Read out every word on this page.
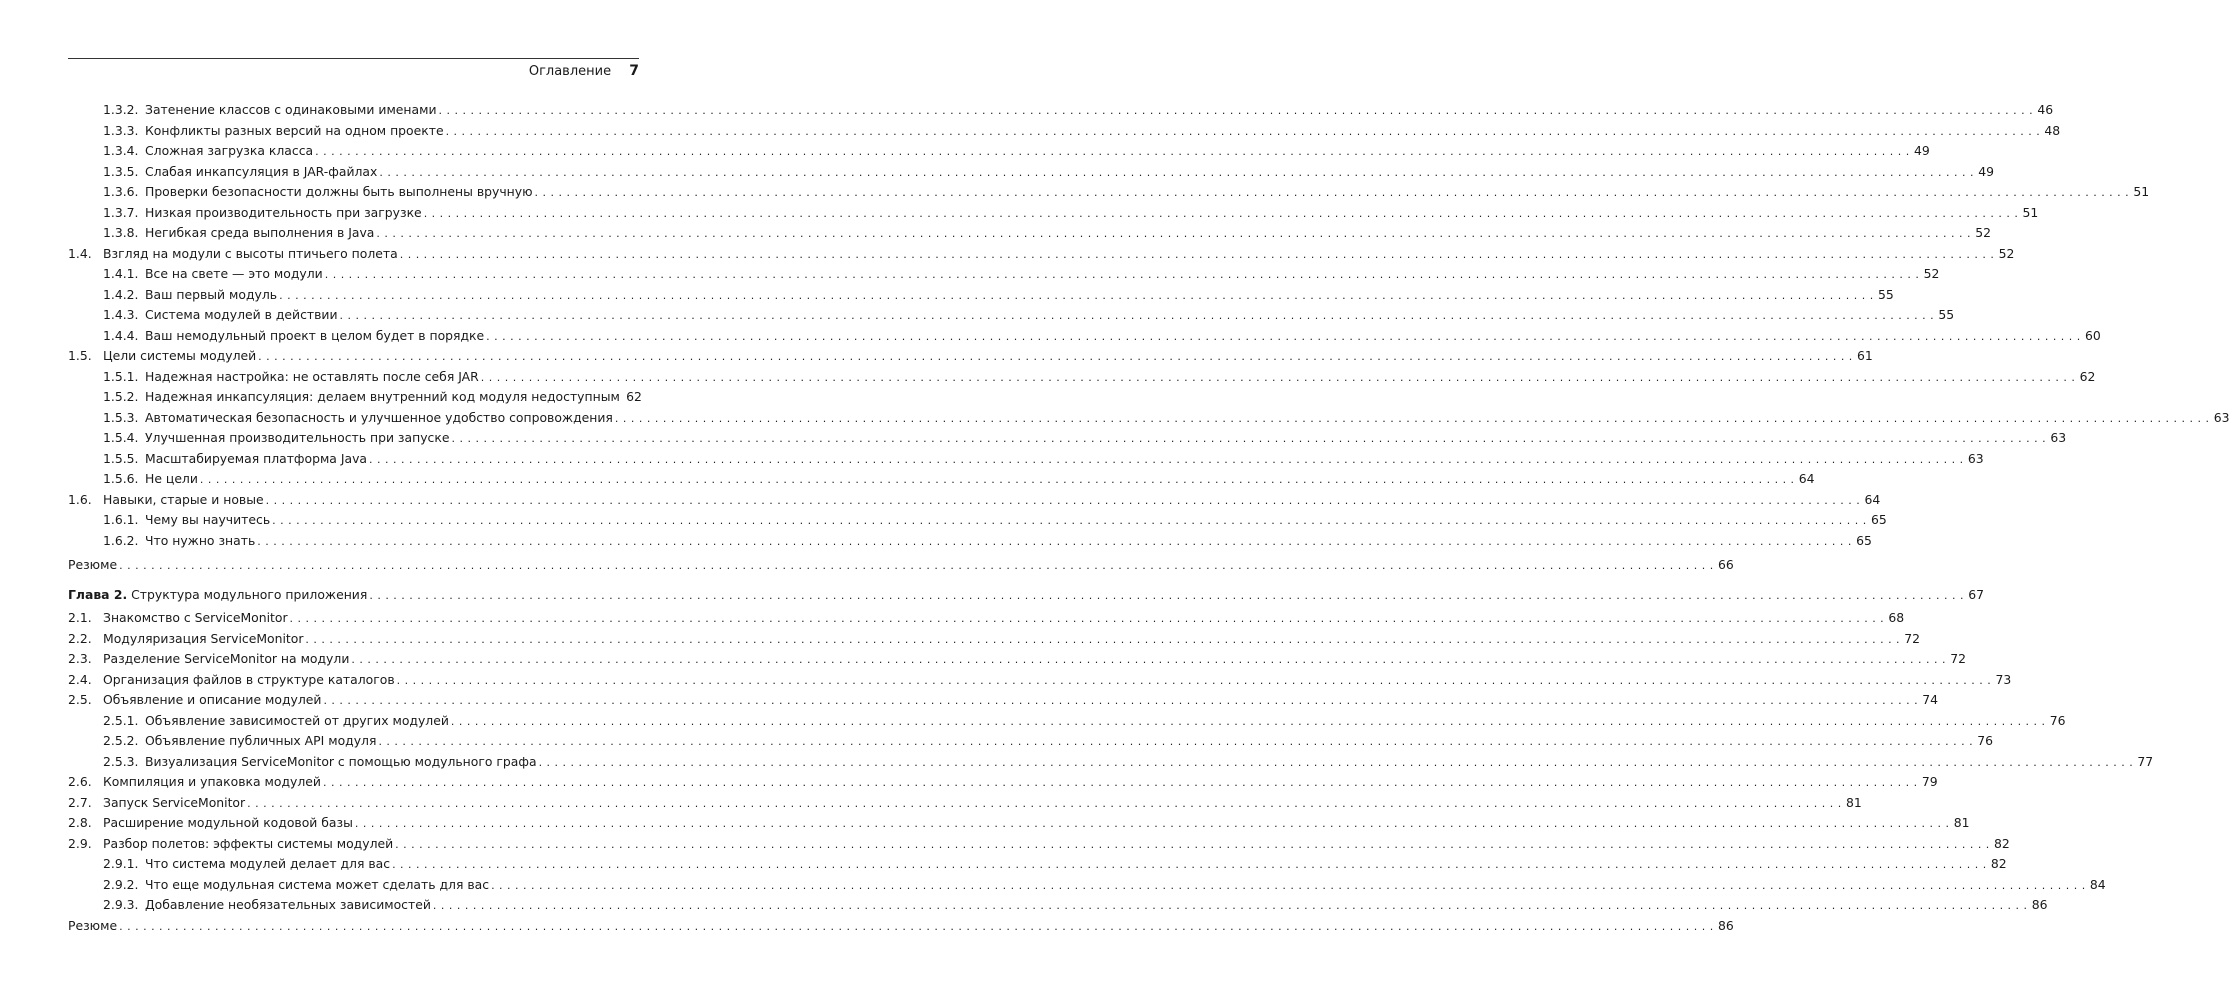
Оглавление 7
1.3.2. Затенение классов с одинаковыми именами . . . . . . . . . . . . . . . . . . . . . . . . . . . . . . . . . . . . . . . . . . . . . . . . . . . . . . . . . . . . . . . . . . . . . . . . . . . . . . . . . . . . . . . . . . . . . . . . . . . . . . . . . . . . . . . . . . . . . . . . . . . . . . . . . . . . . . . . . . . . . . . . . . . . . . . . . . . . . . . . . . . . . . . . . . . . . . . . . . . . . . . . . . . . . . . . . . . . . . . . 46
1.3.3. Конфликты разных версий на одном проекте . . . . . . . . . . . . . . . . . . . . . . . . . . . . . . . . . . . . . . . . . . . . . . . . . . . . . . . . . . . . . . . . . . . . . . . . . . . . . . . . . . . . . . . . . . . . . . . . . . . . . . . . . . . . . . . . . . . . . . . . . . . . . . . . . . . . . . . . . . . . . . . . . . . . . . . . . . . . . . . . . . . . . . . . . . . . . . . . . . . . . . . . . . . . . . . . . . . . . . . . 48
1.3.4. Сложная загрузка класса . . . . . . . . . . . . . . . . . . . . . . . . . . . . . . . . . . . . . . . . . . . . . . . . . . . . . . . . . . . . . . . . . . . . . . . . . . . . . . . . . . . . . . . . . . . . . . . . . . . . . . . . . . . . . . . . . . . . . . . . . . . . . . . . . . . . . . . . . . . . . . . . . . . . . . . . . . . . . . . . . . . . . . . . . . . . . . . . . . . . . . . . . . . . . . . . . . . . . . . . 49
1.3.5. Слабая инкапсуляция в JAR-файлах . . . . . . . . . . . . . . . . . . . . . . . . . . . . . . . . . . . . . . . . . . . . . . . . . . . . . . . . . . . . . . . . . . . . . . . . . . . . . . . . . . . . . . . . . . . . . . . . . . . . . . . . . . . . . . . . . . . . . . . . . . . . . . . . . . . . . . . . . . . . . . . . . . . . . . . . . . . . . . . . . . . . . . . . . . . . . . . . . . . . . . . . . . . . . . . . . . . . . . . . 49
1.3.6. Проверки безопасности должны быть выполнены вручную . . . . . . . . . . . . . . . . . . . . . . . . . . . . . . . . . . . . . . . . . . . . . . . . . . . . . . . . . . . . . . . . . . . . . . . . . . . . . . . . . . . . . . . . . . . . . . . . . . . . . . . . . . . . . . . . . . . . . . . . . . . . . . . . . . . . . . . . . . . . . . . . . . . . . . . . . . . . . . . . . . . . . . . . . . . . . . . . . . . . . . . . . . . . . . . . . . . . . . . . 51
1.3.7. Низкая производительность при загрузке . . . . . . . . . . . . . . . . . . . . . . . . . . . . . . . . . . . . . . . . . . . . . . . . . . . . . . . . . . . . . . . . . . . . . . . . . . . . . . . . . . . . . . . . . . . . . . . . . . . . . . . . . . . . . . . . . . . . . . . . . . . . . . . . . . . . . . . . . . . . . . . . . . . . . . . . . . . . . . . . . . . . . . . . . . . . . . . . . . . . . . . . . . . . . . . . . . . . . . . . 51
1.3.8. Негибкая среда выполнения в Java . . . . . . . . . . . . . . . . . . . . . . . . . . . . . . . . . . . . . . . . . . . . . . . . . . . . . . . . . . . . . . . . . . . . . . . . . . . . . . . . . . . . . . . . . . . . . . . . . . . . . . . . . . . . . . . . . . . . . . . . . . . . . . . . . . . . . . . . . . . . . . . . . . . . . . . . . . . . . . . . . . . . . . . . . . . . . . . . . . . . . . . . . . . . . . . . . . . . . . . . 52
1.4. Взгляд на модули с высоты птичьего полета . . . . . . . . . . . . . . . . . . . . . . . . . . . . . . . . . . . . . . . . . . . . . . . . . . . . . . . . . . . . . . . . . . . . . . . . . . . . . . . . . . . . . . . . . . . . . . . . . . . . . . . . . . . . . . . . . . . . . . . . . . . . . . . . . . . . . . . . . . . . . . . . . . . . . . . . . . . . . . . . . . . . . . . . . . . . . . . . . . . . . . . . . . . . . . . . . . . . . . . . 52
1.4.1. Все на свете — это модули . . . . . . . . . . . . . . . . . . . . . . . . . . . . . . . . . . . . . . . . . . . . . . . . . . . . . . . . . . . . . . . . . . . . . . . . . . . . . . . . . . . . . . . . . . . . . . . . . . . . . . . . . . . . . . . . . . . . . . . . . . . . . . . . . . . . . . . . . . . . . . . . . . . . . . . . . . . . . . . . . . . . . . . . . . . . . . . . . . . . . . . . . . . . . . . . . . . . . . . . 52
1.4.2. Ваш первый модуль . . . . . . . . . . . . . . . . . . . . . . . . . . . . . . . . . . . . . . . . . . . . . . . . . . . . . . . . . . . . . . . . . . . . . . . . . . . . . . . . . . . . . . . . . . . . . . . . . . . . . . . . . . . . . . . . . . . . . . . . . . . . . . . . . . . . . . . . . . . . . . . . . . . . . . . . . . . . . . . . . . . . . . . . . . . . . . . . . . . . . . . . . . . . . . . . . . . . . . . . 55
1.4.3. Система модулей в действии . . . . . . . . . . . . . . . . . . . . . . . . . . . . . . . . . . . . . . . . . . . . . . . . . . . . . . . . . . . . . . . . . . . . . . . . . . . . . . . . . . . . . . . . . . . . . . . . . . . . . . . . . . . . . . . . . . . . . . . . . . . . . . . . . . . . . . . . . . . . . . . . . . . . . . . . . . . . . . . . . . . . . . . . . . . . . . . . . . . . . . . . . . . . . . . . . . . . . . . . 55
1.4.4. Ваш немодульный проект в целом будет в порядке . . . . . . . . . . . . . . . . . . . . . . . . . . . . . . . . . . . . . . . . . . . . . . . . . . . . . . . . . . . . . . . . . . . . . . . . . . . . . . . . . . . . . . . . . . . . . . . . . . . . . . . . . . . . . . . . . . . . . . . . . . . . . . . . . . . . . . . . . . . . . . . . . . . . . . . . . . . . . . . . . . . . . . . . . . . . . . . . . . . . . . . . . . . . . . . . . . . . . . . . 60
1.5. Цели системы модулей . . . . . . . . . . . . . . . . . . . . . . . . . . . . . . . . . . . . . . . . . . . . . . . . . . . . . . . . . . . . . . . . . . . . . . . . . . . . . . . . . . . . . . . . . . . . . . . . . . . . . . . . . . . . . . . . . . . . . . . . . . . . . . . . . . . . . . . . . . . . . . . . . . . . . . . . . . . . . . . . . . . . . . . . . . . . . . . . . . . . . . . . . . . . . . . . . . . . . . . . 61
1.5.1. Надежная настройка: не оставлять после себя JAR . . . . . . . . . . . . . . . . . . . . . . . . . . . . . . . . . . . . . . . . . . . . . . . . . . . . . . . . . . . . . . . . . . . . . . . . . . . . . . . . . . . . . . . . . . . . . . . . . . . . . . . . . . . . . . . . . . . . . . . . . . . . . . . . . . . . . . . . . . . . . . . . . . . . . . . . . . . . . . . . . . . . . . . . . . . . . . . . . . . . . . . . . . . . . . . . . . . . . . . . 62
1.5.2. Надежная инкапсуляция: делаем внутренний код модуля недоступным 62
1.5.3. Автоматическая безопасность и улучшенное удобство сопровождения . . . . . . . . . . . . . . . . . . . . . . . . . . . . . . . . . . . . . . . . . . . . . . . . . . . . . . . . . . . . . . . . . . . . . . . . . . . . . . . . . . . . . . . . . . . . . . . . . . . . . . . . . . . . . . . . . . . . . . . . . . . . . . . . . . . . . . . . . . . . . . . . . . . . . . . . . . . . . . . . . . . . . . . . . . . . . . . . . . . . . . . . . . . . . . . . . . . . . . . . 63
1.5.4. Улучшенная производительность при запуске . . . . . . . . . . . . . . . . . . . . . . . . . . . . . . . . . . . . . . . . . . . . . . . . . . . . . . . . . . . . . . . . . . . . . . . . . . . . . . . . . . . . . . . . . . . . . . . . . . . . . . . . . . . . . . . . . . . . . . . . . . . . . . . . . . . . . . . . . . . . . . . . . . . . . . . . . . . . . . . . . . . . . . . . . . . . . . . . . . . . . . . . . . . . . . . . . . . . . . . . 63
1.5.5. Масштабируемая платформа Java . . . . . . . . . . . . . . . . . . . . . . . . . . . . . . . . . . . . . . . . . . . . . . . . . . . . . . . . . . . . . . . . . . . . . . . . . . . . . . . . . . . . . . . . . . . . . . . . . . . . . . . . . . . . . . . . . . . . . . . . . . . . . . . . . . . . . . . . . . . . . . . . . . . . . . . . . . . . . . . . . . . . . . . . . . . . . . . . . . . . . . . . . . . . . . . . . . . . . . . . 63
1.5.6. Не цели . . . . . . . . . . . . . . . . . . . . . . . . . . . . . . . . . . . . . . . . . . . . . . . . . . . . . . . . . . . . . . . . . . . . . . . . . . . . . . . . . . . . . . . . . . . . . . . . . . . . . . . . . . . . . . . . . . . . . . . . . . . . . . . . . . . . . . . . . . . . . . . . . . . . . . . . . . . . . . . . . . . . . . . . . . . . . . . . . . . . . . . . . . . . . . . . . . . . . . . . 64
1.6. Навыки, старые и новые . . . . . . . . . . . . . . . . . . . . . . . . . . . . . . . . . . . . . . . . . . . . . . . . . . . . . . . . . . . . . . . . . . . . . . . . . . . . . . . . . . . . . . . . . . . . . . . . . . . . . . . . . . . . . . . . . . . . . . . . . . . . . . . . . . . . . . . . . . . . . . . . . . . . . . . . . . . . . . . . . . . . . . . . . . . . . . . . . . . . . . . . . . . . . . . . . . . . . . . . 64
1.6.1. Чему вы научитесь . . . . . . . . . . . . . . . . . . . . . . . . . . . . . . . . . . . . . . . . . . . . . . . . . . . . . . . . . . . . . . . . . . . . . . . . . . . . . . . . . . . . . . . . . . . . . . . . . . . . . . . . . . . . . . . . . . . . . . . . . . . . . . . . . . . . . . . . . . . . . . . . . . . . . . . . . . . . . . . . . . . . . . . . . . . . . . . . . . . . . . . . . . . . . . . . . . . . . . . . 65
1.6.2. Что нужно знать . . . . . . . . . . . . . . . . . . . . . . . . . . . . . . . . . . . . . . . . . . . . . . . . . . . . . . . . . . . . . . . . . . . . . . . . . . . . . . . . . . . . . . . . . . . . . . . . . . . . . . . . . . . . . . . . . . . . . . . . . . . . . . . . . . . . . . . . . . . . . . . . . . . . . . . . . . . . . . . . . . . . . . . . . . . . . . . . . . . . . . . . . . . . . . . . . . . . . . . . 65
Резюме . . . . . . . . . . . . . . . . . . . . . . . . . . . . . . . . . . . . . . . . . . . . . . . . . . . . . . . . . . . . . . . . . . . . . . . . . . . . . . . . . . . . . . . . . . . . . . . . . . . . . . . . . . . . . . . . . . . . . . . . . . . . . . . . . . . . . . . . . . . . . . . . . . . . . . . . . . . . . . . . . . . . . . . . . . . . . . . . . . . . . . . . . . . . . . . . . . . . . . . . 66
Глава 2. Структура модульного приложения . . . . . . . . . . . . . . . . . . . . . . . . . . . . . . . . . . . . . . . . . . . . . . . . . . . . . . . . . . . . . . . . . . . . . . . . . . . . . . . . . . . . . . . . . . . . . . . . . . . . . . . . . . . . . . . . . . . . . . . . . . . . . . . . . . . . . . . . . . . . . . . . . . . . . . . . . . . . . . . . . . . . . . . . . . . . . . . . . . . . . . . . . . . . . . . . . . . . . . . . 67
2.1. Знакомство с ServiceMonitor . . . . . . . . . . . . . . . . . . . . . . . . . . . . . . . . . . . . . . . . . . . . . . . . . . . . . . . . . . . . . . . . . . . . . . . . . . . . . . . . . . . . . . . . . . . . . . . . . . . . . . . . . . . . . . . . . . . . . . . . . . . . . . . . . . . . . . . . . . . . . . . . . . . . . . . . . . . . . . . . . . . . . . . . . . . . . . . . . . . . . . . . . . . . . . . . . . . . . . . . 68
2.2. Модуляризация ServiceMonitor . . . . . . . . . . . . . . . . . . . . . . . . . . . . . . . . . . . . . . . . . . . . . . . . . . . . . . . . . . . . . . . . . . . . . . . . . . . . . . . . . . . . . . . . . . . . . . . . . . . . . . . . . . . . . . . . . . . . . . . . . . . . . . . . . . . . . . . . . . . . . . . . . . . . . . . . . . . . . . . . . . . . . . . . . . . . . . . . . . . . . . . . . . . . . . . . . . . . . . . . 72
2.3. Разделение ServiceMonitor на модули . . . . . . . . . . . . . . . . . . . . . . . . . . . . . . . . . . . . . . . . . . . . . . . . . . . . . . . . . . . . . . . . . . . . . . . . . . . . . . . . . . . . . . . . . . . . . . . . . . . . . . . . . . . . . . . . . . . . . . . . . . . . . . . . . . . . . . . . . . . . . . . . . . . . . . . . . . . . . . . . . . . . . . . . . . . . . . . . . . . . . . . . . . . . . . . . . . . . . . . . 72
2.4. Организация файлов в структуре каталогов . . . . . . . . . . . . . . . . . . . . . . . . . . . . . . . . . . . . . . . . . . . . . . . . . . . . . . . . . . . . . . . . . . . . . . . . . . . . . . . . . . . . . . . . . . . . . . . . . . . . . . . . . . . . . . . . . . . . . . . . . . . . . . . . . . . . . . . . . . . . . . . . . . . . . . . . . . . . . . . . . . . . . . . . . . . . . . . . . . . . . . . . . . . . . . . . . . . . . . . . 73
2.5. Объявление и описание модулей . . . . . . . . . . . . . . . . . . . . . . . . . . . . . . . . . . . . . . . . . . . . . . . . . . . . . . . . . . . . . . . . . . . . . . . . . . . . . . . . . . . . . . . . . . . . . . . . . . . . . . . . . . . . . . . . . . . . . . . . . . . . . . . . . . . . . . . . . . . . . . . . . . . . . . . . . . . . . . . . . . . . . . . . . . . . . . . . . . . . . . . . . . . . . . . . . . . . . . . . 74
2.5.1. Объявление зависимостей от других модулей . . . . . . . . . . . . . . . . . . . . . . . . . . . . . . . . . . . . . . . . . . . . . . . . . . . . . . . . . . . . . . . . . . . . . . . . . . . . . . . . . . . . . . . . . . . . . . . . . . . . . . . . . . . . . . . . . . . . . . . . . . . . . . . . . . . . . . . . . . . . . . . . . . . . . . . . . . . . . . . . . . . . . . . . . . . . . . . . . . . . . . . . . . . . . . . . . . . . . . . . 76
2.5.2. Объявление публичных API модуля . . . . . . . . . . . . . . . . . . . . . . . . . . . . . . . . . . . . . . . . . . . . . . . . . . . . . . . . . . . . . . . . . . . . . . . . . . . . . . . . . . . . . . . . . . . . . . . . . . . . . . . . . . . . . . . . . . . . . . . . . . . . . . . . . . . . . . . . . . . . . . . . . . . . . . . . . . . . . . . . . . . . . . . . . . . . . . . . . . . . . . . . . . . . . . . . . . . . . . . . 76
2.5.3. Визуализация ServiceMonitor с помощью модульного графа . . . . . . . . . . . . . . . . . . . . . . . . . . . . . . . . . . . . . . . . . . . . . . . . . . . . . . . . . . . . . . . . . . . . . . . . . . . . . . . . . . . . . . . . . . . . . . . . . . . . . . . . . . . . . . . . . . . . . . . . . . . . . . . . . . . . . . . . . . . . . . . . . . . . . . . . . . . . . . . . . . . . . . . . . . . . . . . . . . . . . . . . . . . . . . . . . . . . . . . . 77
2.6. Компиляция и упаковка модулей . . . . . . . . . . . . . . . . . . . . . . . . . . . . . . . . . . . . . . . . . . . . . . . . . . . . . . . . . . . . . . . . . . . . . . . . . . . . . . . . . . . . . . . . . . . . . . . . . . . . . . . . . . . . . . . . . . . . . . . . . . . . . . . . . . . . . . . . . . . . . . . . . . . . . . . . . . . . . . . . . . . . . . . . . . . . . . . . . . . . . . . . . . . . . . . . . . . . . . . . 79
2.7. Запуск ServiceMonitor . . . . . . . . . . . . . . . . . . . . . . . . . . . . . . . . . . . . . . . . . . . . . . . . . . . . . . . . . . . . . . . . . . . . . . . . . . . . . . . . . . . . . . . . . . . . . . . . . . . . . . . . . . . . . . . . . . . . . . . . . . . . . . . . . . . . . . . . . . . . . . . . . . . . . . . . . . . . . . . . . . . . . . . . . . . . . . . . . . . . . . . . . . . . . . . . . . . . . . . . 81
2.8. Расширение модульной кодовой базы . . . . . . . . . . . . . . . . . . . . . . . . . . . . . . . . . . . . . . . . . . . . . . . . . . . . . . . . . . . . . . . . . . . . . . . . . . . . . . . . . . . . . . . . . . . . . . . . . . . . . . . . . . . . . . . . . . . . . . . . . . . . . . . . . . . . . . . . . . . . . . . . . . . . . . . . . . . . . . . . . . . . . . . . . . . . . . . . . . . . . . . . . . . . . . . . . . . . . . . . 81
2.9. Разбор полетов: эффекты системы модулей . . . . . . . . . . . . . . . . . . . . . . . . . . . . . . . . . . . . . . . . . . . . . . . . . . . . . . . . . . . . . . . . . . . . . . . . . . . . . . . . . . . . . . . . . . . . . . . . . . . . . . . . . . . . . . . . . . . . . . . . . . . . . . . . . . . . . . . . . . . . . . . . . . . . . . . . . . . . . . . . . . . . . . . . . . . . . . . . . . . . . . . . . . . . . . . . . . . . . . . . 82
2.9.1. Что система модулей делает для вас . . . . . . . . . . . . . . . . . . . . . . . . . . . . . . . . . . . . . . . . . . . . . . . . . . . . . . . . . . . . . . . . . . . . . . . . . . . . . . . . . . . . . . . . . . . . . . . . . . . . . . . . . . . . . . . . . . . . . . . . . . . . . . . . . . . . . . . . . . . . . . . . . . . . . . . . . . . . . . . . . . . . . . . . . . . . . . . . . . . . . . . . . . . . . . . . . . . . . . . . 82
2.9.2. Что еще модульная система может сделать для вас . . . . . . . . . . . . . . . . . . . . . . . . . . . . . . . . . . . . . . . . . . . . . . . . . . . . . . . . . . . . . . . . . . . . . . . . . . . . . . . . . . . . . . . . . . . . . . . . . . . . . . . . . . . . . . . . . . . . . . . . . . . . . . . . . . . . . . . . . . . . . . . . . . . . . . . . . . . . . . . . . . . . . . . . . . . . . . . . . . . . . . . . . . . . . . . . . . . . . . . . 84
2.9.3. Добавление необязательных зависимостей . . . . . . . . . . . . . . . . . . . . . . . . . . . . . . . . . . . . . . . . . . . . . . . . . . . . . . . . . . . . . . . . . . . . . . . . . . . . . . . . . . . . . . . . . . . . . . . . . . . . . . . . . . . . . . . . . . . . . . . . . . . . . . . . . . . . . . . . . . . . . . . . . . . . . . . . . . . . . . . . . . . . . . . . . . . . . . . . . . . . . . . . . . . . . . . . . . . . . . . . 86
Резюме . . . . . . . . . . . . . . . . . . . . . . . . . . . . . . . . . . . . . . . . . . . . . . . . . . . . . . . . . . . . . . . . . . . . . . . . . . . . . . . . . . . . . . . . . . . . . . . . . . . . . . . . . . . . . . . . . . . . . . . . . . . . . . . . . . . . . . . . . . . . . . . . . . . . . . . . . . . . . . . . . . . . . . . . . . . . . . . . . . . . . . . . . . . . . . . . . . . . . . . . 86
